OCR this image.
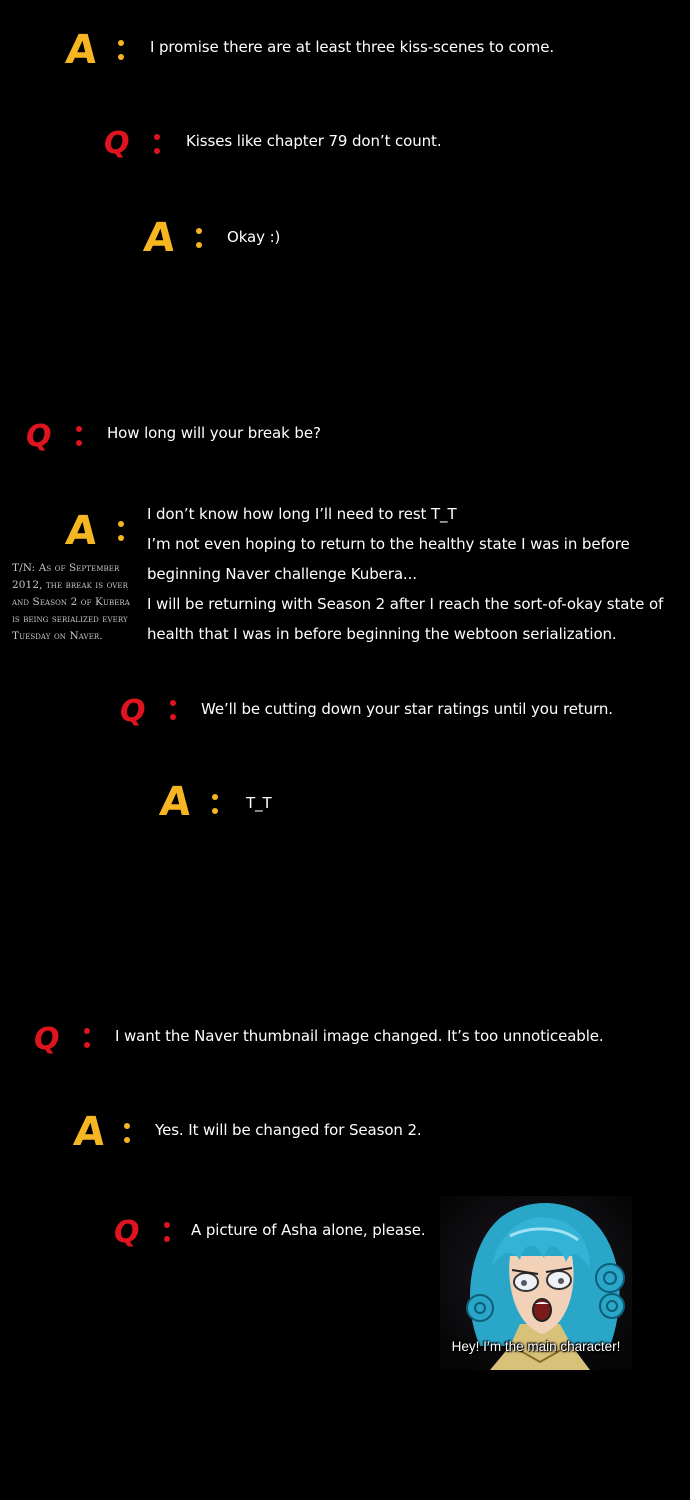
A	I promise there are at least three kiss-scenes to come.
Q	Kisses like chapter 79 don’t count.
A	Okay :)
Q	How long will your break be?
A	I don’t know how long I’ll need to rest T_T
I’m not even hoping to return to the healthy state I was in before
beginning Naver challenge Kubera...
I will be returning with Season 2 after I reach the sort-of-okay state of
health that I was in before beginning the webtoon serialization.
T/N: As of September 2012, the break is over and Season 2 of Kubera is being serialized every Tuesday on Naver.
Q	We’ll be cutting down your star ratings until you return.
A	T_T
Q	I want the Naver thumbnail image changed. It’s too unnoticeable.
A	Yes. It will be changed for Season 2.
Q	A picture of Asha alone, please.
Hey! I’m the main character!
